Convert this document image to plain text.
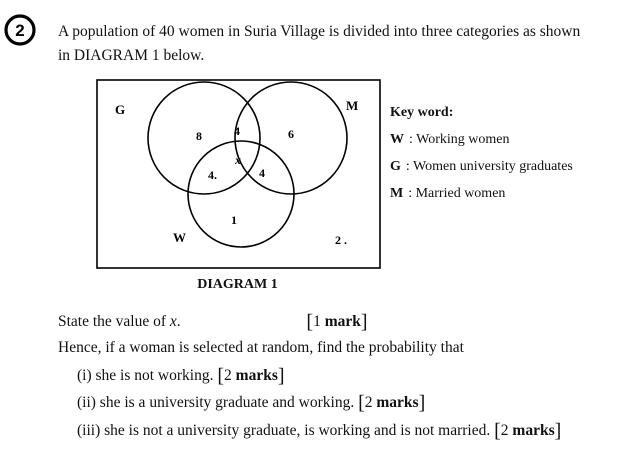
2 A population of 40 women in Suria Village is divided into three categories as shown
in DIAGRAM 1 below.
G	M
W
8	4	6
x
4.	4
1
2 .
Key word:
W : Working women
G : Women university graduates
M : Married women
DIAGRAM 1
State the value of x.	[1 mark]
Hence, if a woman is selected at random, find the probability that
(i) she is not working. [2 marks]
(ii) she is a university graduate and working. [2 marks]
(iii) she is not a university graduate, is working and is not married. [2 marks]
